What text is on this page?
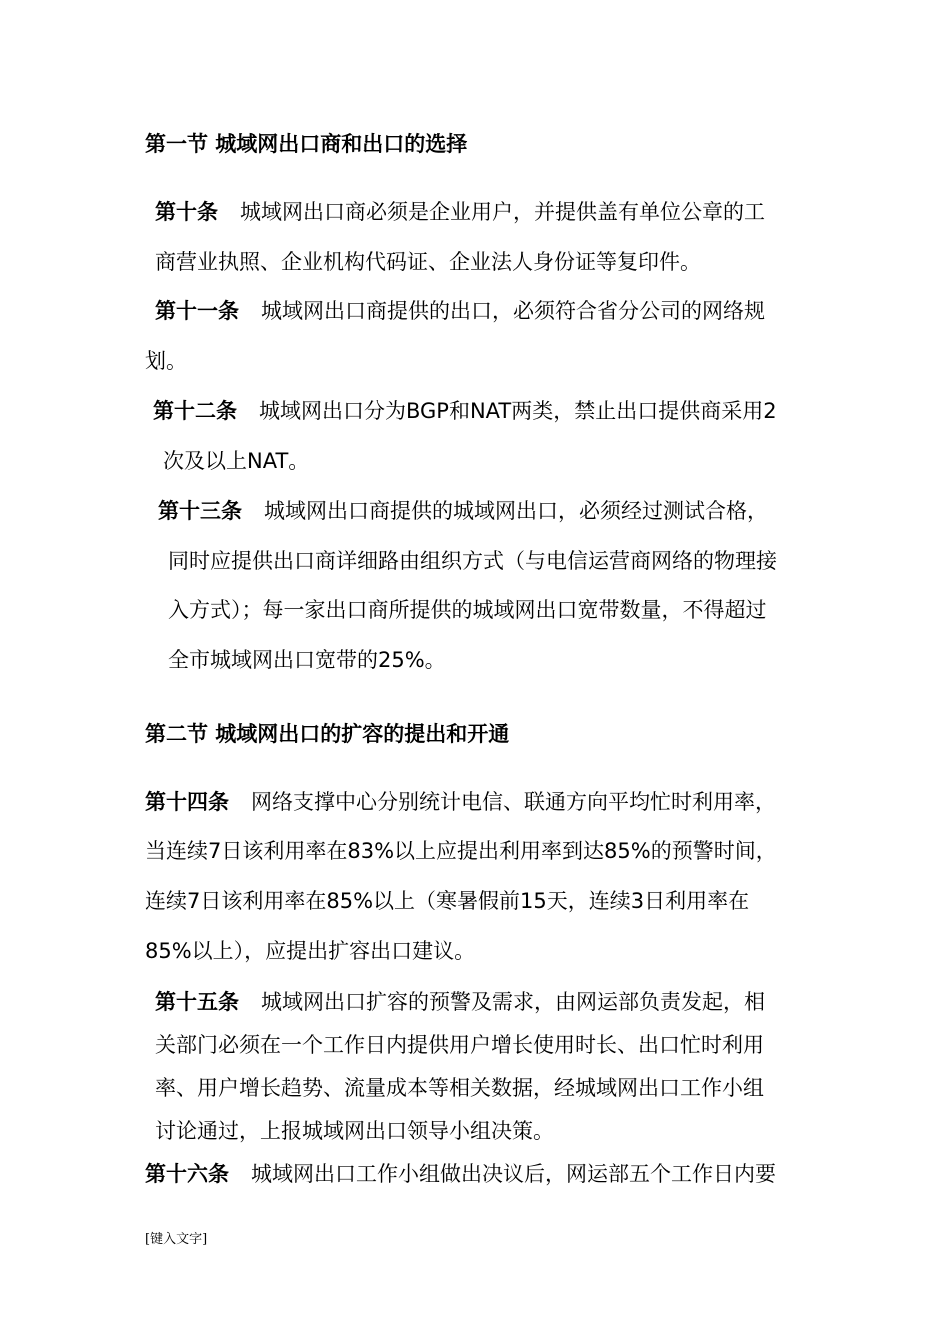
第一节 城域网出口商和出口的选择
第十条 城域网出口商必须是企业用户，并提供盖有单位公章的工
商营业执照、企业机构代码证、企业法人身份证等复印件。
第十一条 城域网出口商提供的出口，必须符合省分公司的网络规
划。
第十二条 城域网出口分为BGP和NAT两类，禁止出口提供商采用2
次及以上NAT。
第十三条 城域网出口商提供的城域网出口，必须经过测试合格，
同时应提供出口商详细路由组织方式（与电信运营商网络的物理接
入方式）；每一家出口商所提供的城域网出口宽带数量，不得超过
全市城域网出口宽带的25%。
第二节 城域网出口的扩容的提出和开通
第十四条 网络支撑中心分别统计电信、联通方向平均忙时利用率，
当连续7日该利用率在83%以上应提出利用率到达85%的预警时间，
连续7日该利用率在85%以上（寒暑假前15天，连续3日利用率在
85%以上），应提出扩容出口建议。
第十五条 城域网出口扩容的预警及需求，由网运部负责发起，相
关部门必须在一个工作日内提供用户增长使用时长、出口忙时利用
率、用户增长趋势、流量成本等相关数据，经城域网出口工作小组
讨论通过，上报城域网出口领导小组决策。
第十六条 城域网出口工作小组做出决议后，网运部五个工作日内要
[键入文字]
